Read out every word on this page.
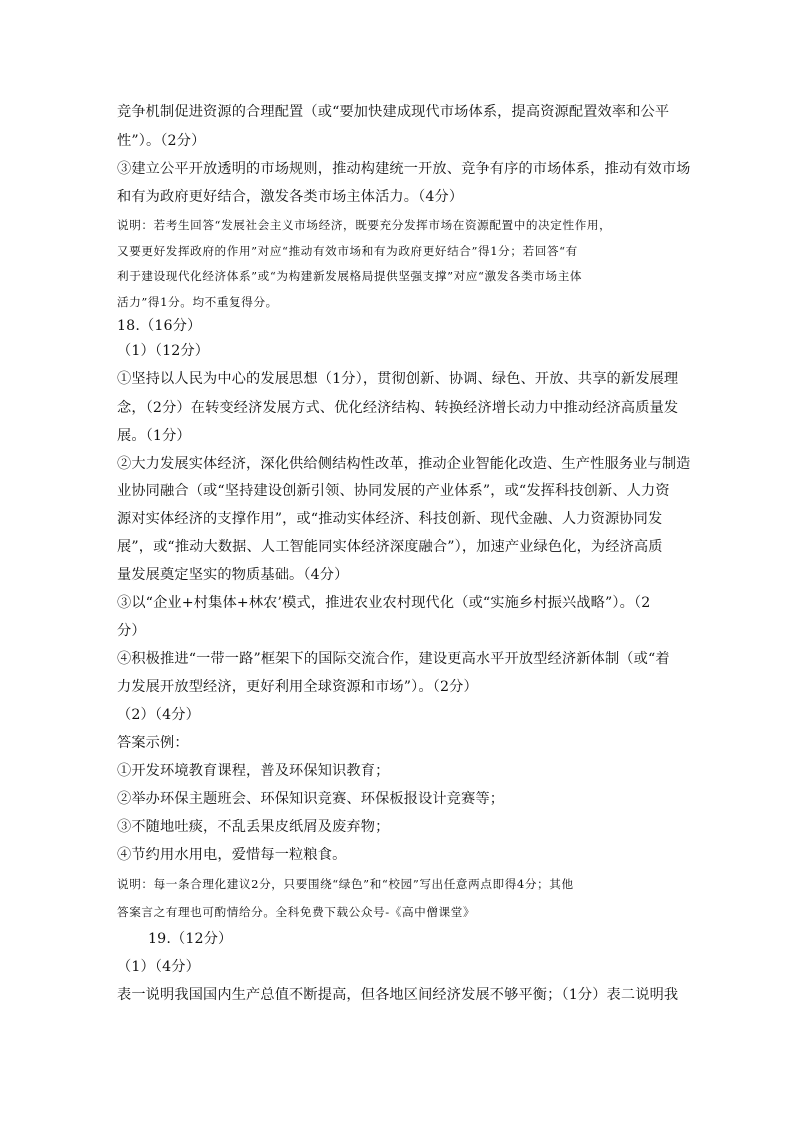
竞争机制促进资源的合理配置（或“要加快建成现代市场体系，提高资源配置效率和公平
性”）。（2分）
③建立公平开放透明的市场规则，推动构建统一开放、竞争有序的市场体系，推动有效市场
和有为政府更好结合，激发各类市场主体活力。（4分）
说明：若考生回答“发展社会主义市场经济，既要充分发挥市场在资源配置中的决定性作用，
又要更好发挥政府的作用”对应“推动有效市场和有为政府更好结合”得1分；若回答“有
利于建设现代化经济体系”或“为构建新发展格局提供坚强支撑”对应“激发各类市场主体
活力”得1分。均不重复得分。
18.（16分）
（1）（12分）
①坚持以人民为中心的发展思想（1分），贯彻创新、协调、绿色、开放、共享的新发展理
念，（2分）在转变经济发展方式、优化经济结构、转换经济增长动力中推动经济高质量发
展。（1分）
②大力发展实体经济，深化供给侧结构性改革，推动企业智能化改造、生产性服务业与制造
业协同融合（或“坚持建设创新引领、协同发展的产业体系”，或“发挥科技创新、人力资
源对实体经济的支撑作用”，或“推动实体经济、科技创新、现代金融、人力资源协同发
展”，或“推动大数据、人工智能同实体经济深度融合”），加速产业绿色化，为经济高质
量发展奠定坚实的物质基础。（4分）
③以“企业+村集体+林农’模式，推进农业农村现代化（或“实施乡村振兴战略”）。（2
分）
④积极推进“一带一路”框架下的国际交流合作，建设更高水平开放型经济新体制（或“着
力发展开放型经济，更好利用全球资源和市场”）。（2分）
（2）（4分）
答案示例：
①开发环境教育课程，普及环保知识教育；
②举办环保主题班会、环保知识竞赛、环保板报设计竞赛等；
③不随地吐痰，不乱丢果皮纸屑及废弃物；
④节约用水用电，爱惜每一粒粮食。
说明：每一条合理化建议2分，只要围绕“绿色”和“校园”写出任意两点即得4分；其他
答案言之有理也可酌情给分。全科免费下载公众号-《高中僧课堂》
19.（12分）
（1）（4分）
表一说明我国国内生产总值不断提高，但各地区间经济发展不够平衡；（1分）表二说明我
